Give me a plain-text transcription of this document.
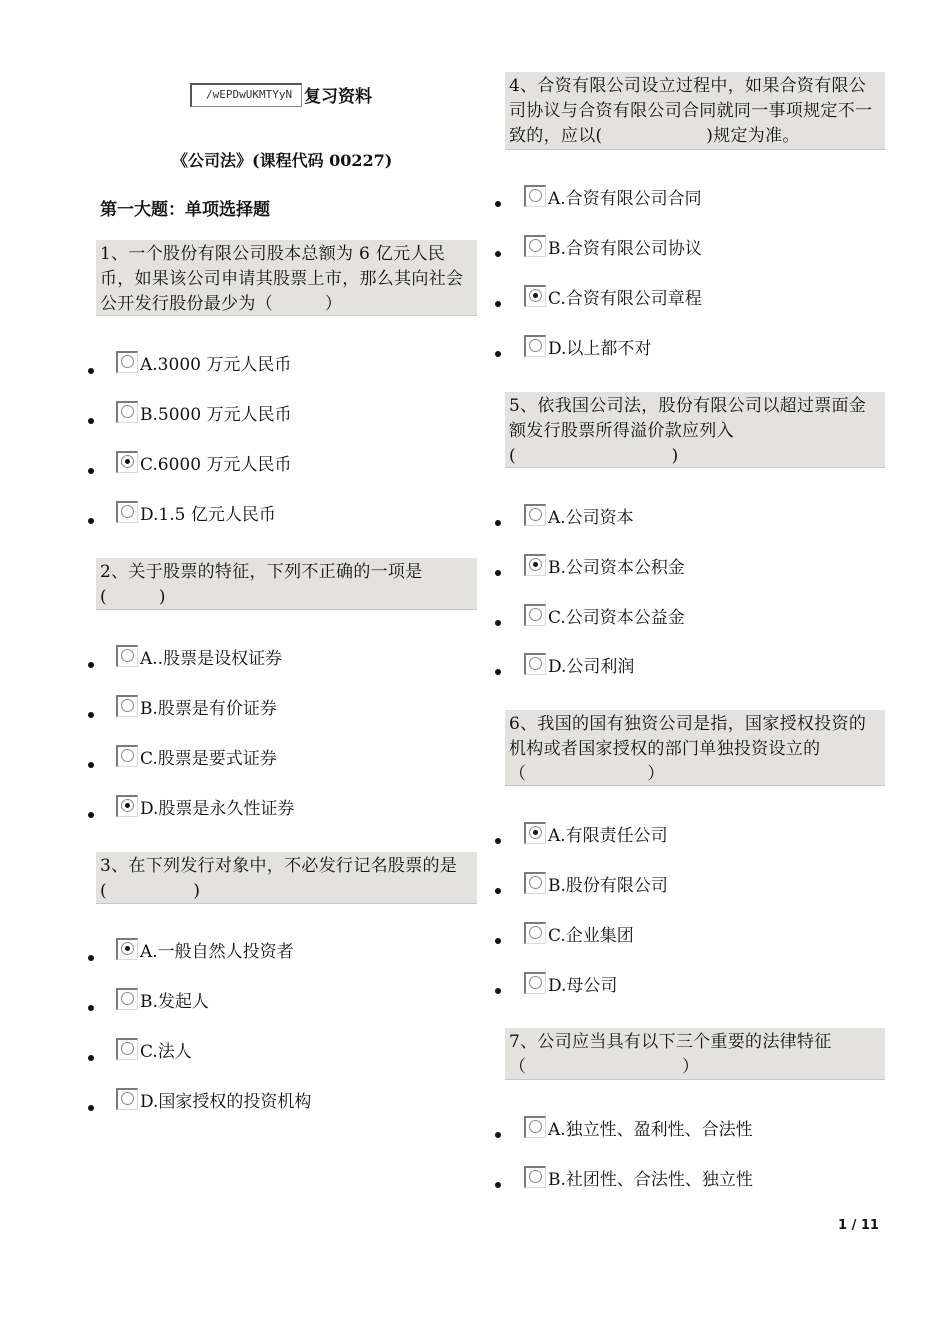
/wEPDwUKMTYyN 复习资料
《公司法》(课程代码 00227)
第一大题：单项选择题
1、一个股份有限公司股本总额为 6 亿元人民币，如果该公司申请其股票上市，那么其向社会公开发行股份最少为（　　　）
A.3000 万元人民币
B.5000 万元人民币
C.6000 万元人民币
D.1.5 亿元人民币
2、关于股票的特征，下列不正确的一项是(　　　)
A..股票是设权证券
B.股票是有价证券
C.股票是要式证券
D.股票是永久性证券
3、在下列发行对象中，不必发行记名股票的是(　　　　　)
A.一般自然人投资者
B.发起人
C.法人
D.国家授权的投资机构
4、合资有限公司设立过程中，如果合资有限公司协议与合资有限公司合同就同一事项规定不一致的，应以(　　　　　　)规定为准。
A.合资有限公司合同
B.合资有限公司协议
C.合资有限公司章程
D.以上都不对
5、依我国公司法，股份有限公司以超过票面金额发行股票所得溢价款应列入(　　　　　　　　　)
A.公司资本
B.公司资本公积金
C.公司资本公益金
D.公司利润
6、我国的国有独资公司是指，国家授权投资的机构或者国家授权的部门单独投资设立的（　　　　　　　）
A.有限责任公司
B.股份有限公司
C.企业集团
D.母公司
7、公司应当具有以下三个重要的法律特征（　　　　　　　　　）
A.独立性、盈利性、合法性
B.社团性、合法性、独立性
1 / 11
